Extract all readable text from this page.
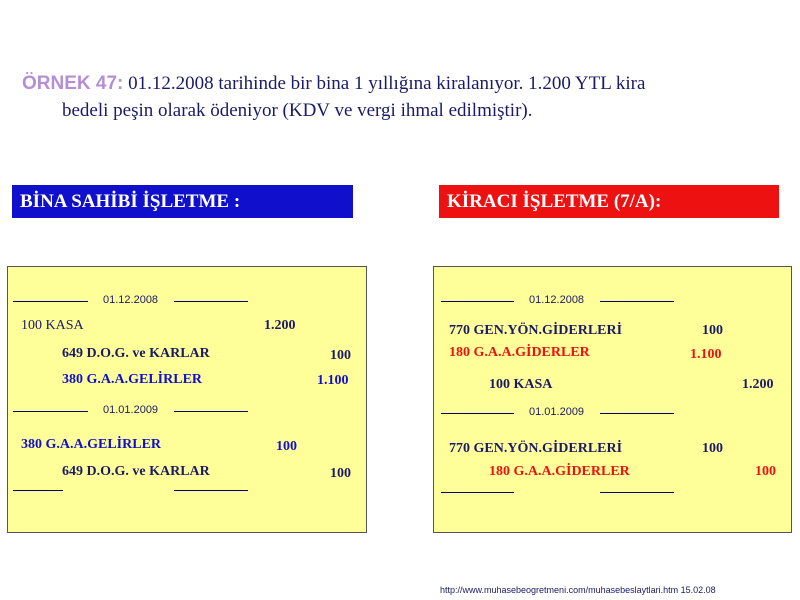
ÖRNEK 47: 01.12.2008 tarihinde bir bina 1 yıllığına kiralanıyor. 1.200 YTL kira
bedeli peşin olarak ödeniyor (KDV ve vergi ihmal edilmiştir).
BİNA SAHİBİ İŞLETME :	KİRACI İŞLETME (7/A):
01.12.2008
100 KASA	1.200
649 D.O.G. ve KARLAR	100
380 G.A.A.GELİRLER	1.100
01.01.2009
380 G.A.A.GELİRLER	100
649 D.O.G. ve KARLAR	100
01.12.2008
770 GEN.YÖN.GİDERLERİ	100
180 G.A.A.GİDERLER	1.100
100 KASA	1.200
01.01.2009
770 GEN.YÖN.GİDERLERİ	100
180 G.A.A.GİDERLER	100
http://www.muhasebeogretmeni.com/muhasebeslaytlari.htm 15.02.08
